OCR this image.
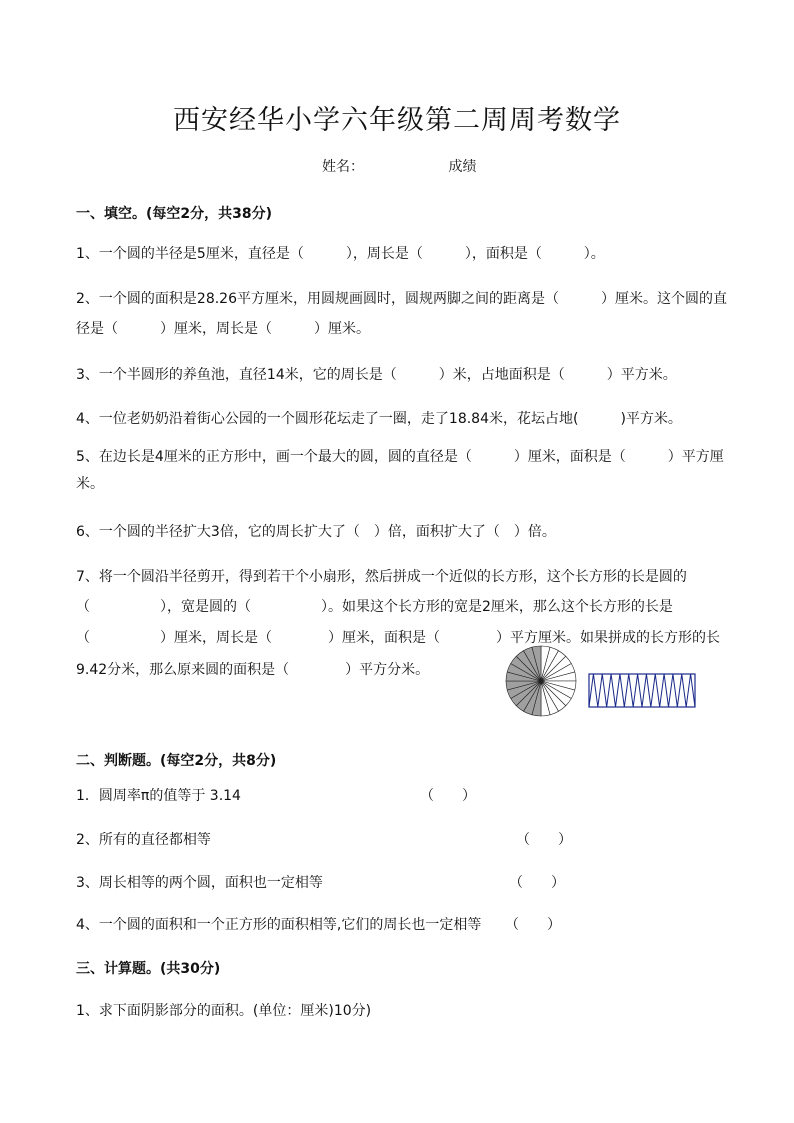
西安经华小学六年级第二周周考数学
姓名：	成绩
一、填空。(每空2分，共38分)
1、一个圆的半径是5厘米，直径是（　　　），周长是（　　　），面积是（　　　）。
2、一个圆的面积是28.26平方厘米，用圆规画圆时，圆规两脚之间的距离是（　　　）厘米。这个圆的直
径是（　　　）厘米，周长是（　　　）厘米。
3、一个半圆形的养鱼池，直径14米，它的周长是（　　　）米，占地面积是（　　　）平方米。
4、一位老奶奶沿着街心公园的一个圆形花坛走了一圈，走了18.84米，花坛占地(　　　)平方米。
5、在边长是4厘米的正方形中，画一个最大的圆，圆的直径是（　　　）厘米，面积是（　　　）平方厘
米。
6、一个圆的半径扩大3倍，它的周长扩大了（　）倍，面积扩大了（　）倍。
7、将一个圆沿半径剪开，得到若干个小扇形，然后拼成一个近似的长方形，这个长方形的长是圆的
（　　　　　），宽是圆的（　　　　　）。如果这个长方形的宽是2厘米，那么这个长方形的长是
（　　　　　）厘米，周长是（　　　　）厘米，面积是（　　　　）平方厘米。如果拼成的长方形的长
9.42分米，那么原来圆的面积是（　　　　）平方分米。
二、判断题。(每空2分，共8分)
1．圆周率π的值等于 3.14	（　　）
2、所有的直径都相等	（　　）
3、周长相等的两个圆，面积也一定相等	（　　）
4、一个圆的面积和一个正方形的面积相等,它们的周长也一定相等 （　　）
三、计算题。(共30分)
1、求下面阴影部分的面积。(单位：厘米)10分)
